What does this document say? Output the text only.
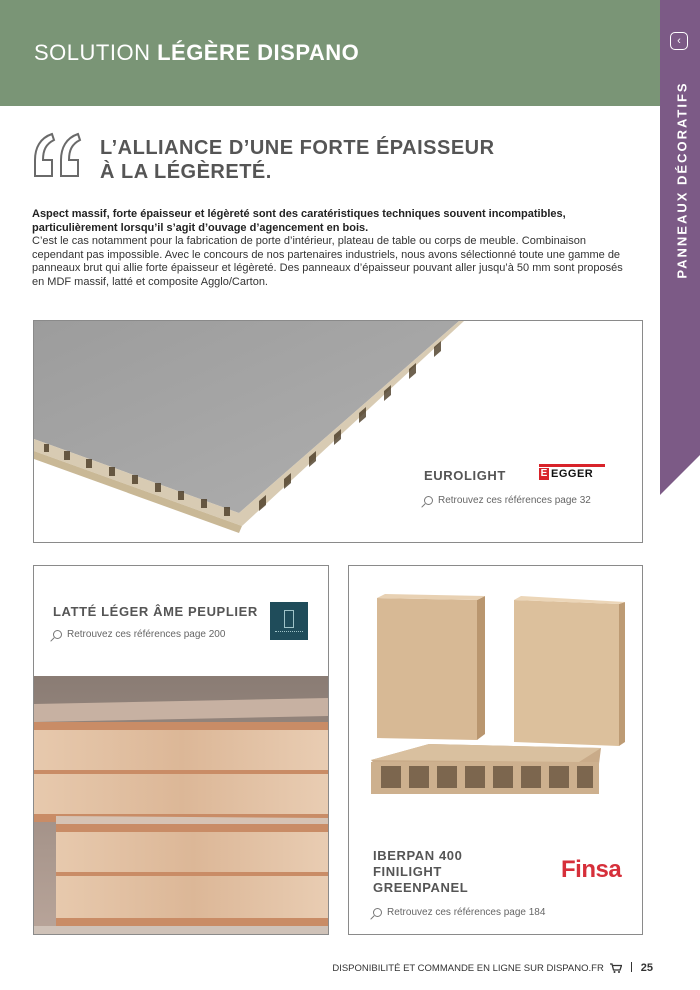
SOLUTION LÉGÈRE DISPANO	‹
PANNEAUX DÉCORATIFS
L’ALLIANCE D’UNE FORTE ÉPAISSEUR
À LA LÉGÈRETÉ.
Aspect massif, forte épaisseur et légèreté sont des caratéristiques techniques souvent incompatibles, particulièrement lorsqu’il s’agit d’ouvage d’agencement en bois.
C’est le cas notamment pour la fabrication de porte d’intérieur, plateau de table ou corps de meuble. Combinaison cependant pas impossible. Avec le concours de nos partenaires industriels, nous avons sélectionné toute une gamme de panneaux brut qui allie forte épaisseur et légèreté. Des panneaux d’épaisseur pouvant aller jusqu’à 50 mm sont proposés en MDF massif, latté et composite Agglo/Carton.
EUROLIGHT	E EGGER
Retrouvez ces références page 32
LATTÉ LÉGER ÂME PEUPLIER
Retrouvez ces références page 200
IBERPAN 400
FINILIGHT
GREENPANEL
Finsa
Retrouvez ces références page 184
DISPONIBILITÉ ET COMMANDE EN LIGNE SUR DISPANO.FR	25
